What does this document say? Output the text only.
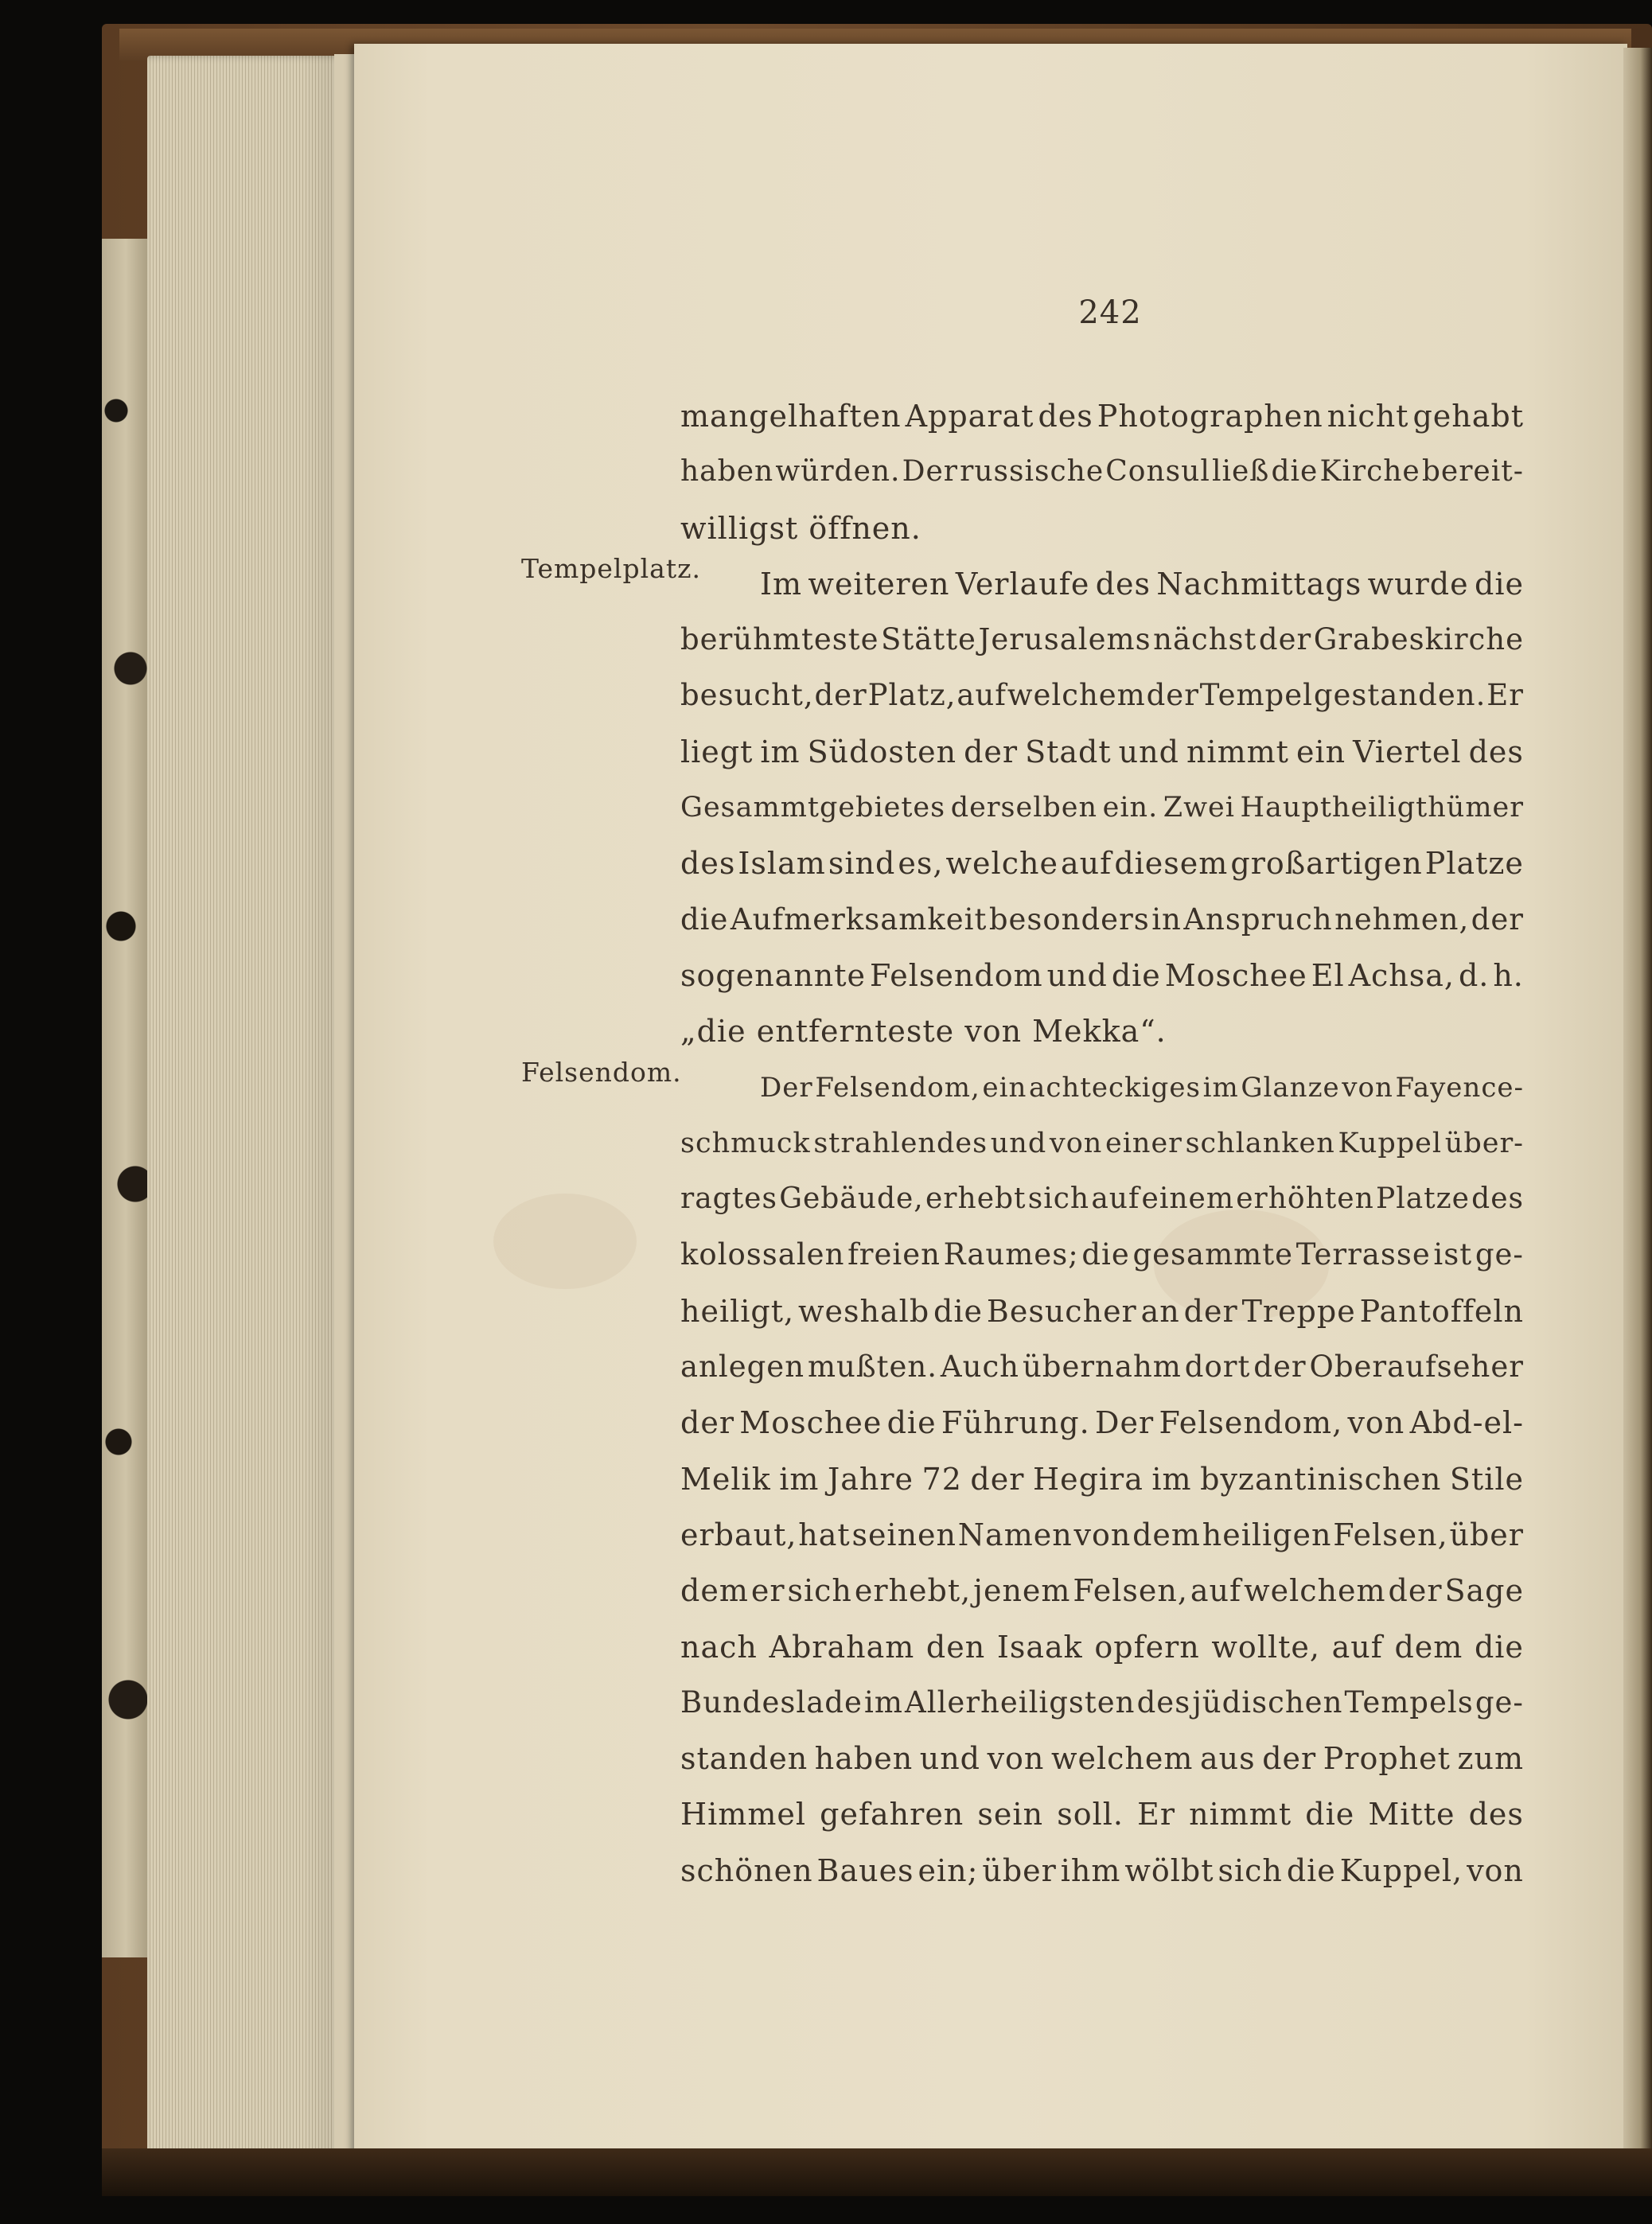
242
Tempelplatz.
Felsendom.
mangelhaften Apparat des Photographen nicht gehabt
haben würden. Der russische Consul ließ die Kirche bereit-
willigst öffnen.
Im weiteren Verlaufe des Nachmittags wurde die
berühmteste Stätte Jerusalems nächst der Grabeskirche
besucht, der Platz, auf welchem der Tempel gestanden. Er
liegt im Südosten der Stadt und nimmt ein Viertel des
Gesammtgebietes derselben ein. Zwei Hauptheiligthümer
des Islam sind es, welche auf diesem großartigen Platze
die Aufmerksamkeit besonders in Anspruch nehmen, der
sogenannte Felsendom und die Moschee El Achsa, d. h.
„die entfernteste von Mekka“.
Der Felsendom, ein achteckiges im Glanze von Fayence-
schmuck strahlendes und von einer schlanken Kuppel über-
ragtes Gebäude, erhebt sich auf einem erhöhten Platze des
kolossalen freien Raumes; die gesammte Terrasse ist ge-
heiligt, weshalb die Besucher an der Treppe Pantoffeln
anlegen mußten. Auch übernahm dort der Oberaufseher
der Moschee die Führung. Der Felsendom, von Abd-el-
Melik im Jahre 72 der Hegira im byzantinischen Stile
erbaut, hat seinen Namen von dem heiligen Felsen, über
dem er sich erhebt, jenem Felsen, auf welchem der Sage
nach Abraham den Isaak opfern wollte, auf dem die
Bundeslade im Allerheiligsten des jüdischen Tempels ge-
standen haben und von welchem aus der Prophet zum
Himmel gefahren sein soll. Er nimmt die Mitte des
schönen Baues ein; über ihm wölbt sich die Kuppel, von
